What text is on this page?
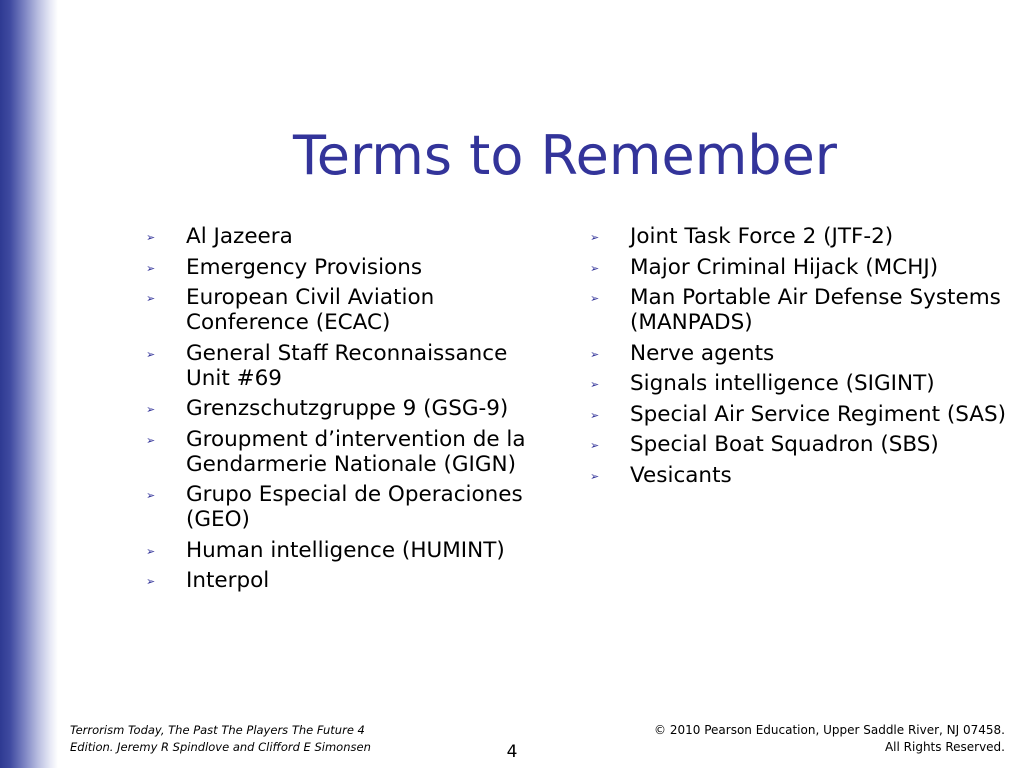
Terms to Remember
➢ Al Jazeera
➢ Emergency Provisions
➢ European Civil Aviation Conference (ECAC)
➢ General Staff Reconnaissance Unit #69
➢ Grenzschutzgruppe 9 (GSG-9)
➢ Groupment d’intervention de la Gendarmerie Nationale (GIGN)
➢ Grupo Especial de Operaciones (GEO)
➢ Human intelligence (HUMINT)
➢ Interpol
➢ Joint Task Force 2 (JTF-2)
➢ Major Criminal Hijack (MCHJ)
➢ Man Portable Air Defense Systems (MANPADS)
➢ Nerve agents
➢ Signals intelligence (SIGINT)
➢ Special Air Service Regiment (SAS)
➢ Special Boat Squadron (SBS)
➢ Vesicants
Terrorism Today, The Past The Players The Future 4
Edition. Jeremy R Spindlove and Clifford E Simonsen	4
© 2010 Pearson Education, Upper Saddle River, NJ 07458.
All Rights Reserved.
